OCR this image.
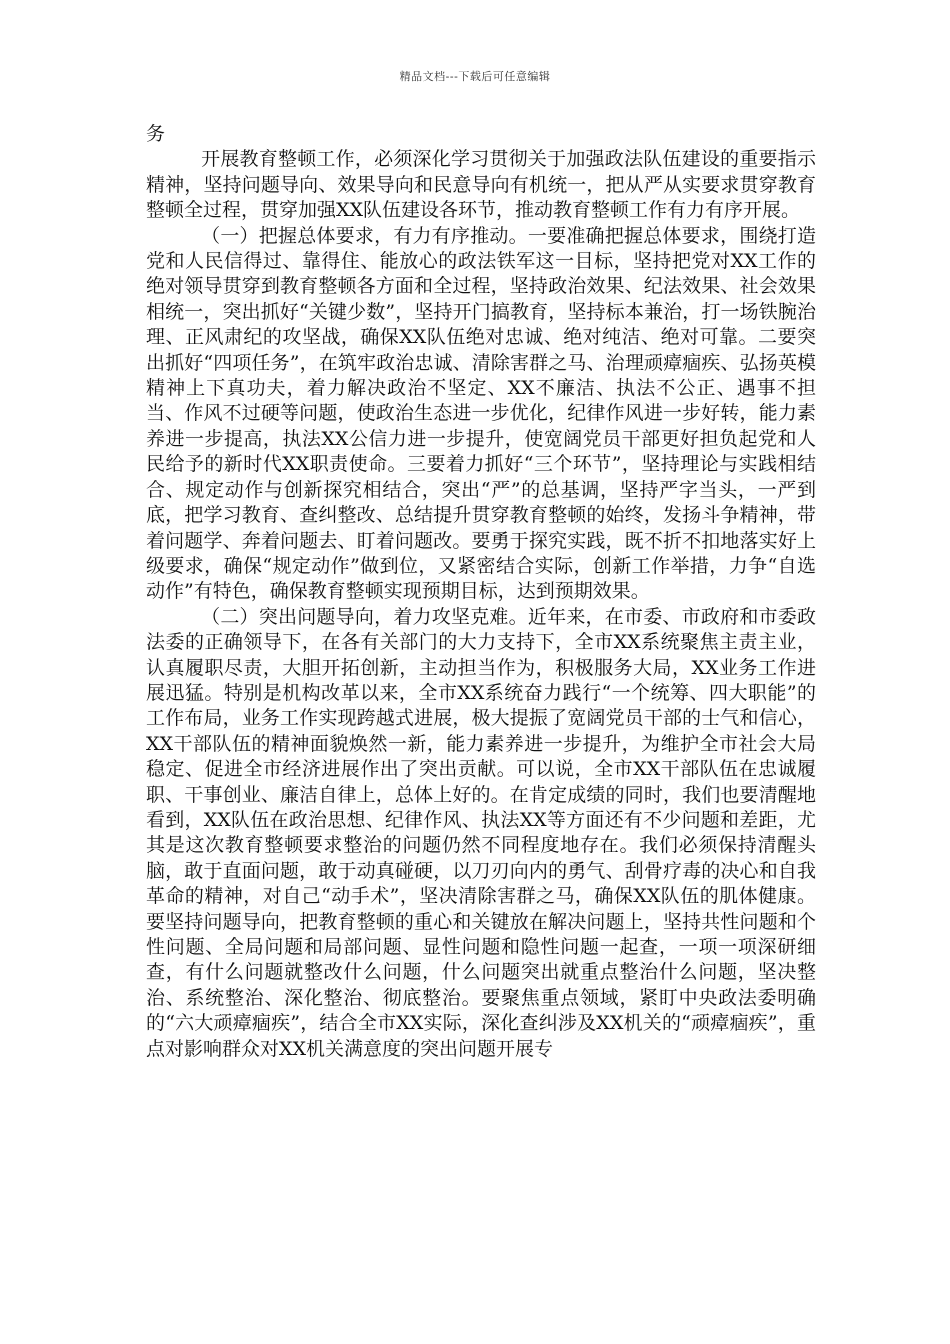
精品文档---下载后可任意编辑

务

开展教育整顿工作，必须深化学习贯彻关于加强政法队伍建设的重要指示精神，坚持问题导向、效果导向和民意导向有机统一，把从严从实要求贯穿教育整顿全过程，贯穿加强XX队伍建设各环节，推动教育整顿工作有力有序开展。

（一）把握总体要求，有力有序推动。一要准确把握总体要求，围绕打造党和人民信得过、靠得住、能放心的政法铁军这一目标，坚持把党对XX工作的绝对领导贯穿到教育整顿各方面和全过程，坚持政治效果、纪法效果、社会效果相统一，突出抓好“关键少数”，坚持开门搞教育，坚持标本兼治，打一场铁腕治理、正风肃纪的攻坚战，确保XX队伍绝对忠诚、绝对纯洁、绝对可靠。二要突出抓好“四项任务”，在筑牢政治忠诚、清除害群之马、治理顽瘴痼疾、弘扬英模精神上下真功夫，着力解决政治不坚定、XX不廉洁、执法不公正、遇事不担当、作风不过硬等问题，使政治生态进一步优化，纪律作风进一步好转，能力素养进一步提高，执法XX公信力进一步提升，使宽阔党员干部更好担负起党和人民给予的新时代XX职责使命。三要着力抓好“三个环节”，坚持理论与实践相结合、规定动作与创新探究相结合，突出“严”的总基调，坚持严字当头，一严到底，把学习教育、查纠整改、总结提升贯穿教育整顿的始终，发扬斗争精神，带着问题学、奔着问题去、盯着问题改。要勇于探究实践，既不折不扣地落实好上级要求，确保“规定动作”做到位，又紧密结合实际，创新工作举措，力争“自选动作”有特色，确保教育整顿实现预期目标，达到预期效果。

（二）突出问题导向，着力攻坚克难。近年来，在市委、市政府和市委政法委的正确领导下，在各有关部门的大力支持下，全市XX系统聚焦主责主业，认真履职尽责，大胆开拓创新，主动担当作为，积极服务大局，XX业务工作进展迅猛。特别是机构改革以来，全市XX系统奋力践行“一个统筹、四大职能”的工作布局，业务工作实现跨越式进展，极大提振了宽阔党员干部的士气和信心，XX干部队伍的精神面貌焕然一新，能力素养进一步提升，为维护全市社会大局稳定、促进全市经济进展作出了突出贡献。可以说，全市XX干部队伍在忠诚履职、干事创业、廉洁自律上，总体上好的。在肯定成绩的同时，我们也要清醒地看到，XX队伍在政治思想、纪律作风、执法XX等方面还有不少问题和差距，尤其是这次教育整顿要求整治的问题仍然不同程度地存在。我们必须保持清醒头脑，敢于直面问题，敢于动真碰硬，以刀刃向内的勇气、刮骨疗毒的决心和自我革命的精神，对自己“动手术”，坚决清除害群之马，确保XX队伍的肌体健康。要坚持问题导向，把教育整顿的重心和关键放在解决问题上，坚持共性问题和个性问题、全局问题和局部问题、显性问题和隐性问题一起查，一项一项深研细查，有什么问题就整改什么问题，什么问题突出就重点整治什么问题，坚决整治、系统整治、深化整治、彻底整治。要聚焦重点领域，紧盯中央政法委明确的“六大顽瘴痼疾”，结合全市XX实际，深化查纠涉及XX机关的“顽瘴痼疾”，重点对影响群众对XX机关满意度的突出问题开展专
